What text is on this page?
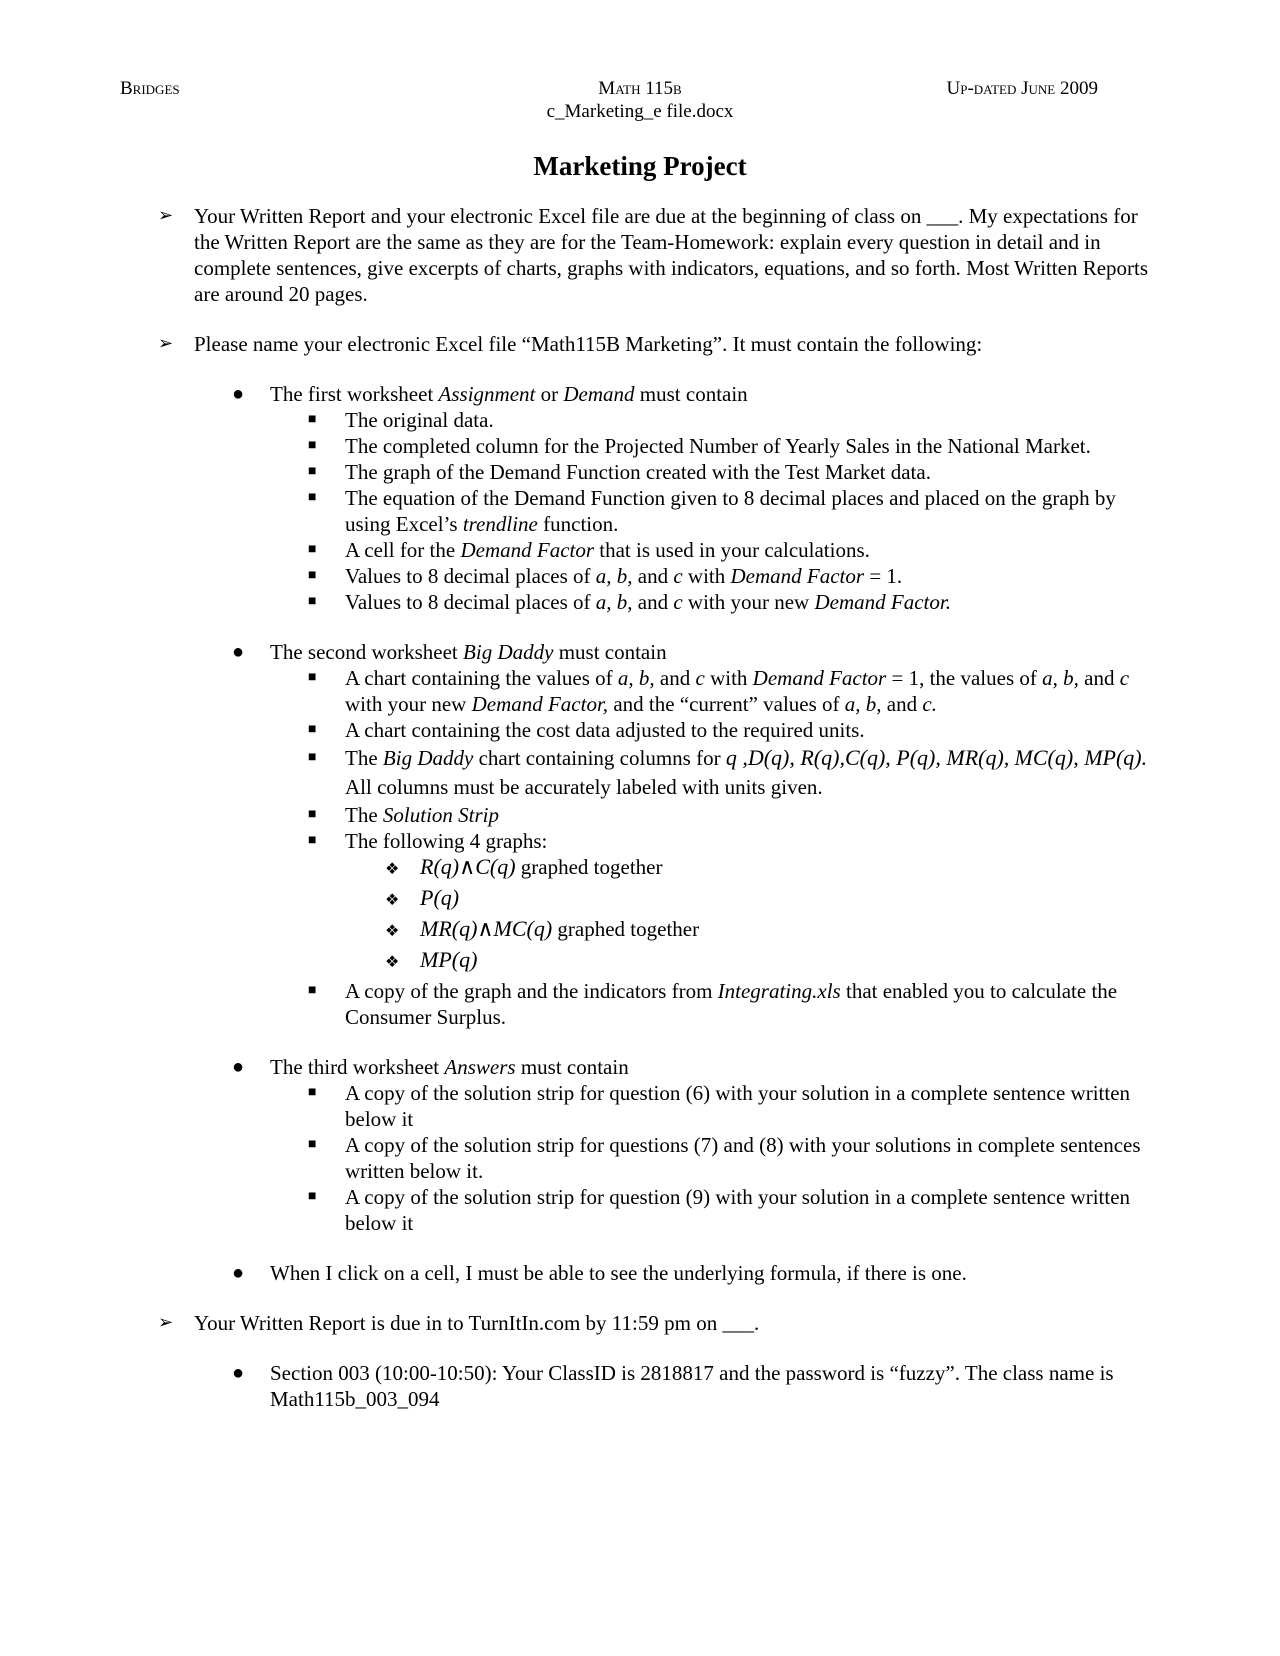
Bridges	Math 115b	Up-dated June 2009
c_Marketing_e file.docx
Marketing Project
➢ Your Written Report and your electronic Excel file are due at the beginning of class on ___. My expectations for the Written Report are the same as they are for the Team-Homework: explain every question in detail and in complete sentences, give excerpts of charts, graphs with indicators, equations, and so forth. Most Written Reports are around 20 pages.
➢ Please name your electronic Excel file “Math115B Marketing”. It must contain the following:
● The first worksheet Assignment or Demand must contain
■ The original data.
■ The completed column for the Projected Number of Yearly Sales in the National Market.
■ The graph of the Demand Function created with the Test Market data.
■ The equation of the Demand Function given to 8 decimal places and placed on the graph by using Excel’s trendline function.
■ A cell for the Demand Factor that is used in your calculations.
■ Values to 8 decimal places of a, b, and c with Demand Factor = 1.
■ Values to 8 decimal places of a, b, and c with your new Demand Factor.
● The second worksheet Big Daddy must contain
■ A chart containing the values of a, b, and c with Demand Factor = 1, the values of a, b, and c with your new Demand Factor, and the “current” values of a, b, and c.
■ A chart containing the cost data adjusted to the required units.
■ The Big Daddy chart containing columns for q ,D(q), R(q),C(q), P(q), MR(q), MC(q), MP(q). All columns must be accurately labeled with units given.
■ The Solution Strip
■ The following 4 graphs:
❖ R(q)∧C(q) graphed together
❖ P(q)
❖ MR(q)∧MC(q) graphed together
❖ MP(q)
■ A copy of the graph and the indicators from Integrating.xls that enabled you to calculate the Consumer Surplus.
● The third worksheet Answers must contain
■ A copy of the solution strip for question (6) with your solution in a complete sentence written below it
■ A copy of the solution strip for questions (7) and (8) with your solutions in complete sentences written below it.
■ A copy of the solution strip for question (9) with your solution in a complete sentence written below it
● When I click on a cell, I must be able to see the underlying formula, if there is one.
➢ Your Written Report is due in to TurnItIn.com by 11:59 pm on ___.
● Section 003 (10:00-10:50): Your ClassID is 2818817 and the password is “fuzzy”. The class name is Math115b_003_094
